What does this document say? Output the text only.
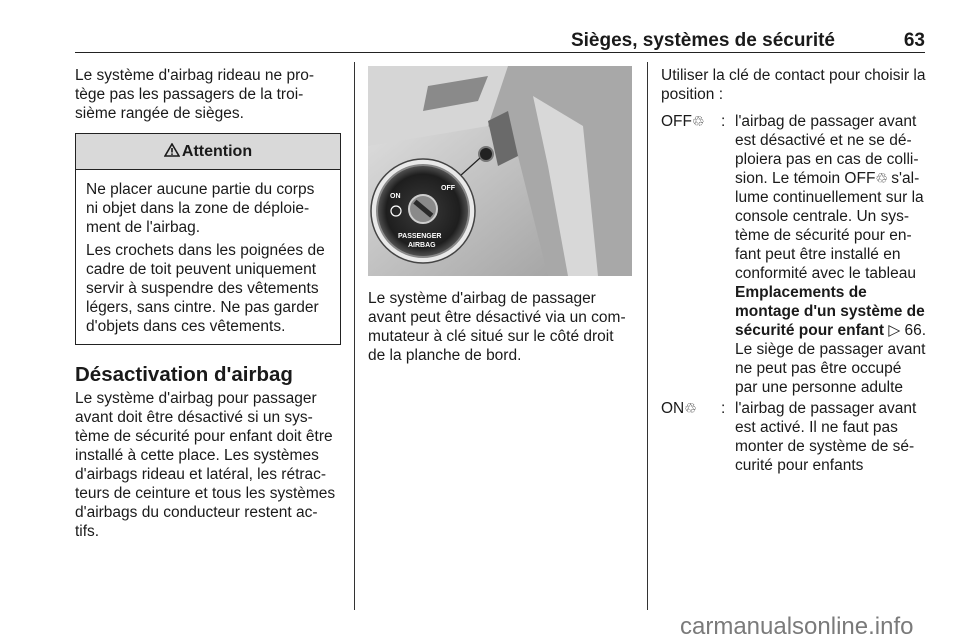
Sièges, systèmes de sécurité	63

Le système d'airbag rideau ne pro-tège pas les passagers de la troi-sième rangée de sièges.

Attention

Ne placer aucune partie du corps ni objet dans la zone de déploie-ment de l'airbag.

Les crochets dans les poignées de cadre de toit peuvent uniquement servir à suspendre des vêtements légers, sans cintre. Ne pas garder d'objets dans ces vêtements.

Désactivation d'airbag

Le système d'airbag pour passager avant doit être désactivé si un sys-tème de sécurité pour enfant doit être installé à cette place. Les systèmes d'airbags rideau et latéral, les rétrac-teurs de ceinture et tous les systèmes d'airbags du conducteur restent ac-tifs.

ON
OFF
PASSENGER
AIRBAG

Le système d'airbag de passager avant peut être désactivé via un com-mutateur à clé situé sur le côté droit de la planche de bord.

Utiliser la clé de contact pour choisir la position :

OFF♲	: l'airbag de passager avant est désactivé et ne se dé-ploiera pas en cas de colli-sion. Le témoin OFF♲ s'al-lume continuellement sur la console centrale. Un sys-tème de sécurité pour en-fant peut être installé en conformité avec le tableau Emplacements de montage d'un système de sécurité pour enfant ▷ 66. Le siège de passager avant ne peut pas être occupé par une personne adulte
ON♲	: l'airbag de passager avant est activé. Il ne faut pas monter de système de sé-curité pour enfants
carmanualsonline.info
